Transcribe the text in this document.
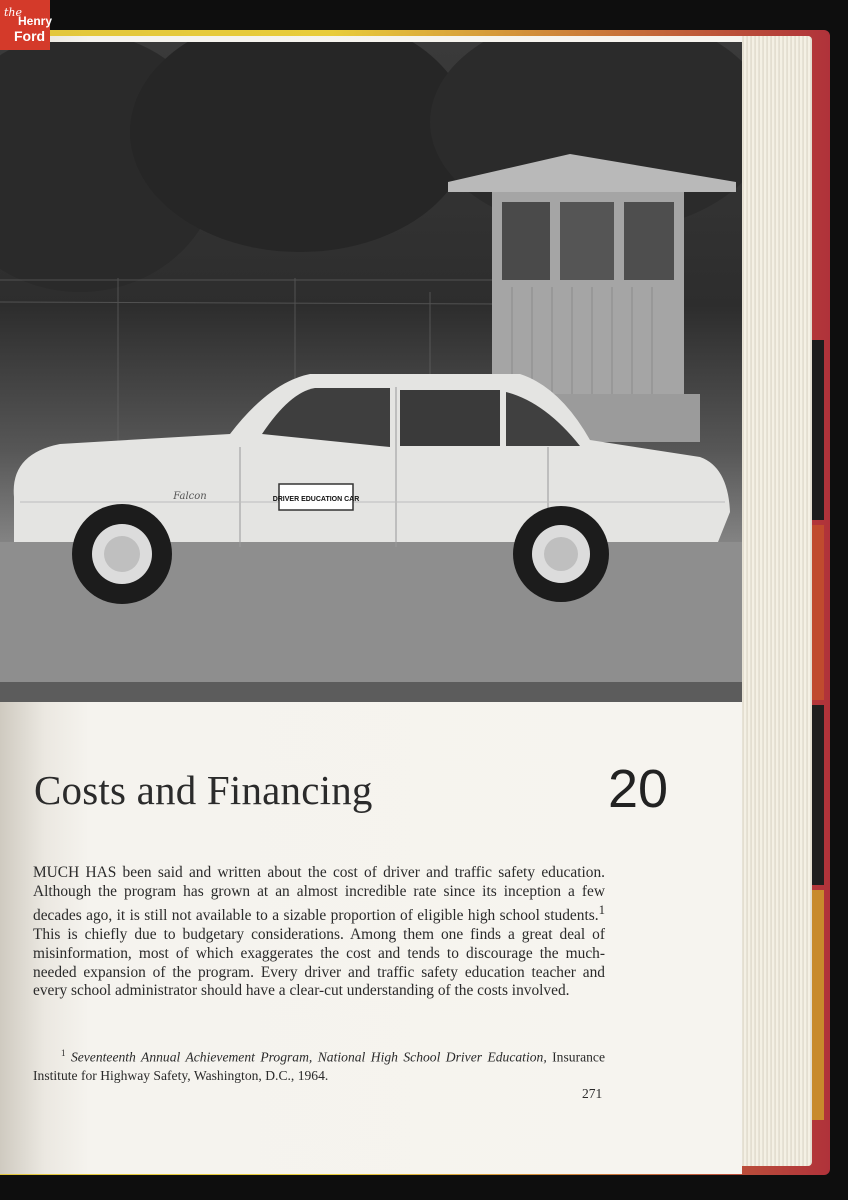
the
Henry
Ford
DRIVER EDUCATION CAR
Falcon
Costs and Financing	20

MUCH HAS been said and written about the cost of driver and traffic safety education. Although the program has grown at an almost incredible rate since its inception a few decades ago, it is still not available to a sizable proportion of eligible high school students.$^1$ This is chiefly due to budgetary considerations. Among them one finds a great deal of misinformation, most of which exaggerates the cost and tends to discourage the much-needed expansion of the program. Every driver and traffic safety education teacher and every school administrator should have a clear-cut understanding of the costs involved.

$^1$ Seventeenth Annual Achievement Program, National High School Driver Education, Insurance Institute for Highway Safety, Washington, D.C., 1964.

271
